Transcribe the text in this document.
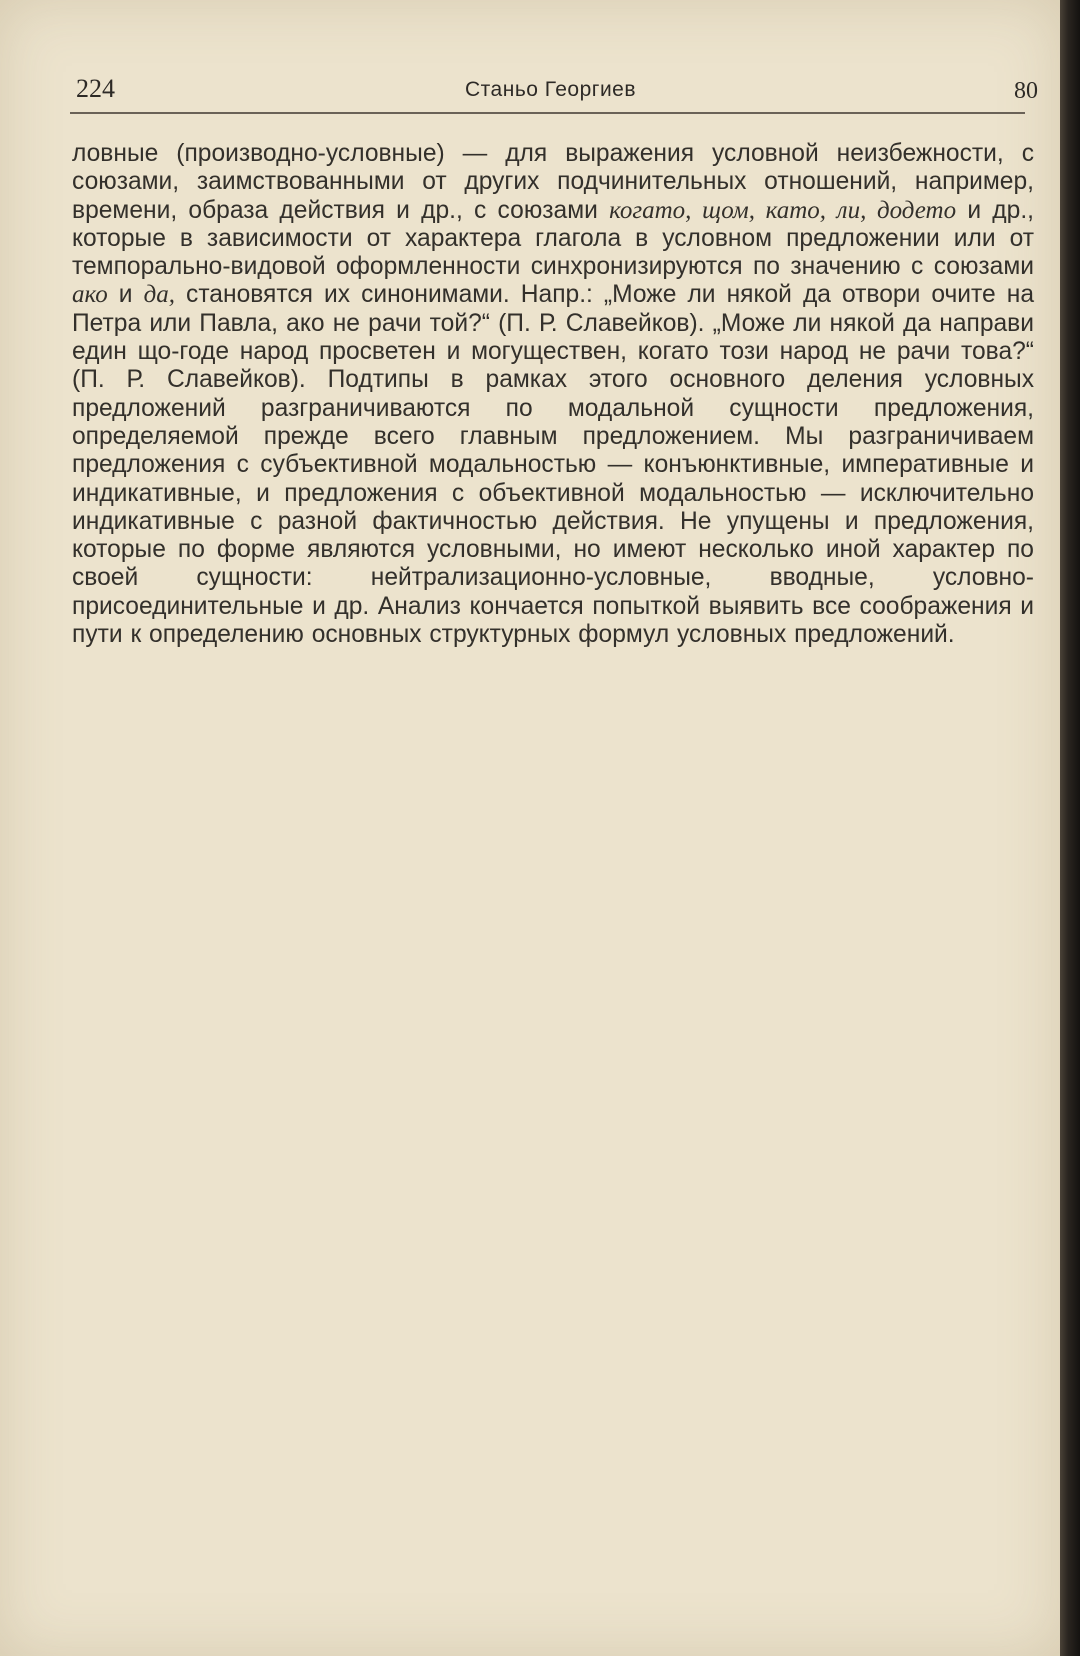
224	Станьо Георгиев	80

ловные (производно-условные) — для выражения условной неизбежности, с союзами, заимствованными от других подчинительных отношений, например, времени, образа действия и др., с союзами когато, щом, като, ли, додето и др., которые в зависимости от характера глагола в условном предложении или от темпорально-видовой оформленности синхронизируются по значению с союзами ако и да, становятся их синонимами. Напр.: „Може ли някой да отвори очите на Петра или Павла, ако не рачи той?“ (П. Р. Славейков). „Може ли някой да направи един що-годе народ просветен и могуществен, когато този народ не рачи това?“ (П. Р. Славейков). Подтипы в рамках этого основного деления условных предложений разграничиваются по модальной сущности предложения, определяемой прежде всего главным предложением. Мы разграничиваем предложения с субъективной модальностью — конъюнктивные, императивные и индикативные, и предложения с объективной модальностью — исключительно индикативные с разной фактичностью действия. Не упущены и предложения, которые по форме являются условными, но имеют несколько иной характер по своей сущности: нейтрализационно-условные, вводные, условно-присоединительные и др. Анализ кончается попыткой выявить все соображения и пути к определению основных структурных формул условных предложений.
